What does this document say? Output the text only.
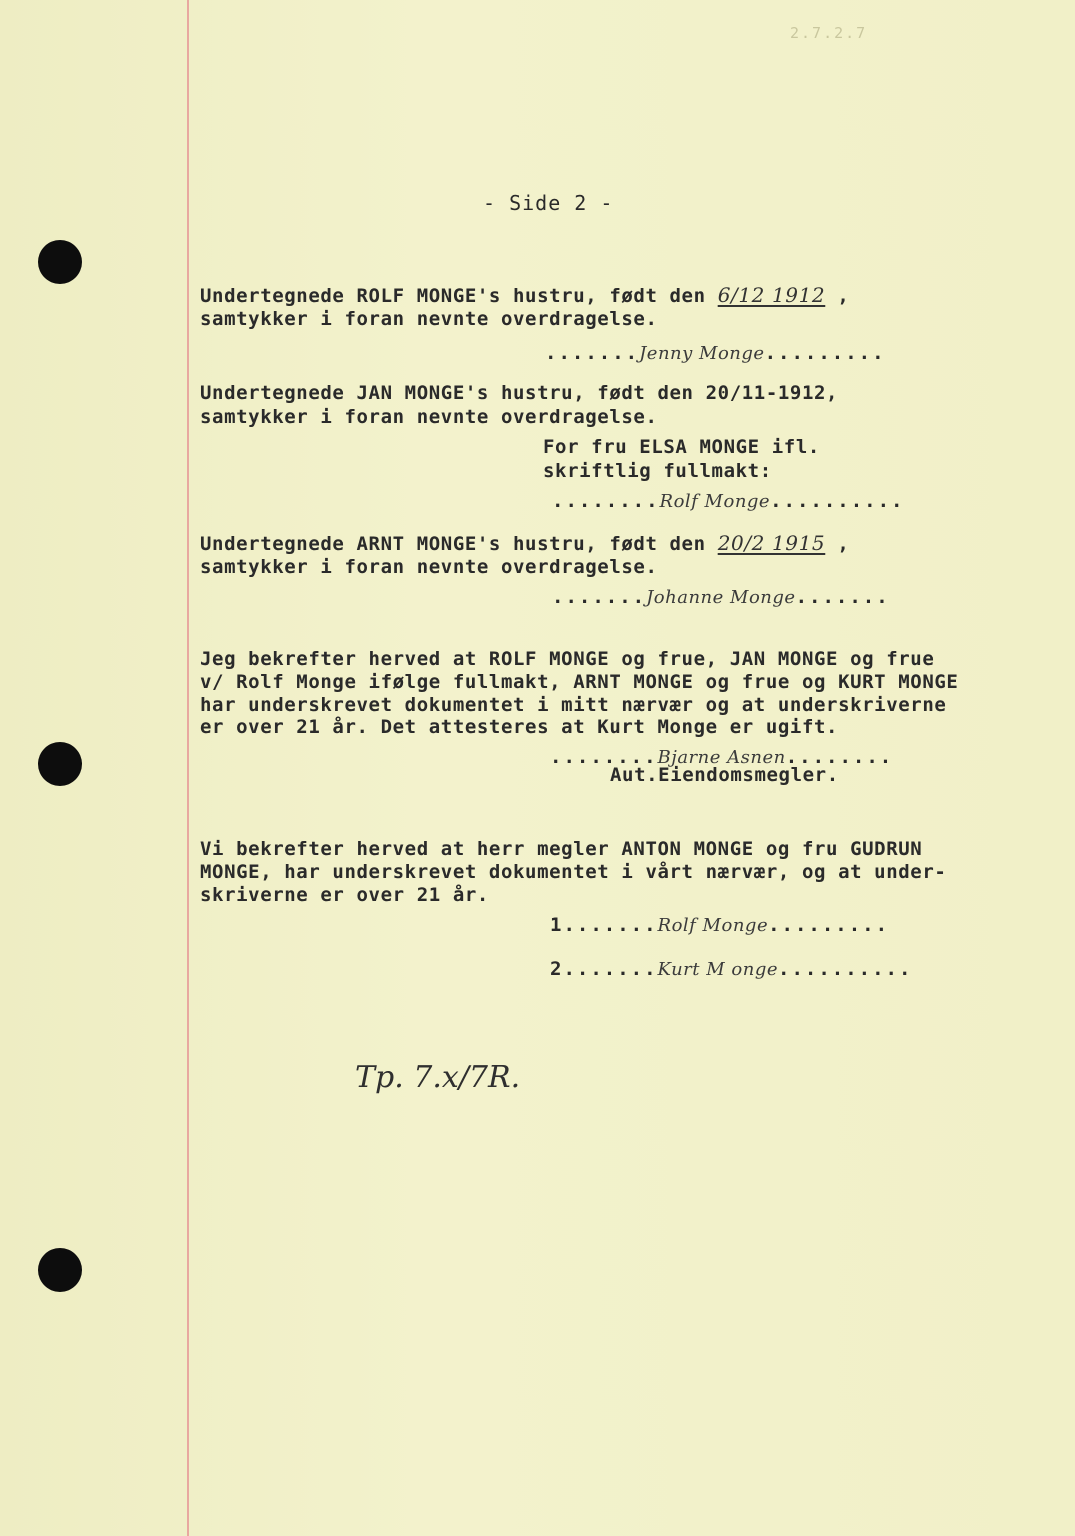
2.7.2.7
- Side 2 -
Undertegnede ROLF MONGE's hustru, født den 6/12 1912 ,
samtykker i foran nevnte overdragelse.
.......Jenny Monge.........
Undertegnede JAN MONGE's hustru, født den 20/11-1912,
samtykker i foran nevnte overdragelse.
For fru ELSA MONGE ifl.
skriftlig fullmakt:
........Rolf Monge..........
Undertegnede ARNT MONGE's hustru, født den 20/2 1915 ,
samtykker i foran nevnte overdragelse.
.......Johanne Monge.......
Jeg bekrefter herved at ROLF MONGE og frue, JAN MONGE og frue
v/ Rolf Monge ifølge fullmakt, ARNT MONGE og frue og KURT MONGE
har underskrevet dokumentet i mitt nærvær og at underskriverne
er over 21 år. Det attesteres at Kurt Monge er ugift.
........Bjarne Asnen........
Aut.Eiendomsmegler.
Vi bekrefter herved at herr megler ANTON MONGE og fru GUDRUN
MONGE, har underskrevet dokumentet i vårt nærvær, og at under-
skriverne er over 21 år.
1.......Rolf Monge.........
2.......Kurt M onge..........
Tp. 7.x/7R.
